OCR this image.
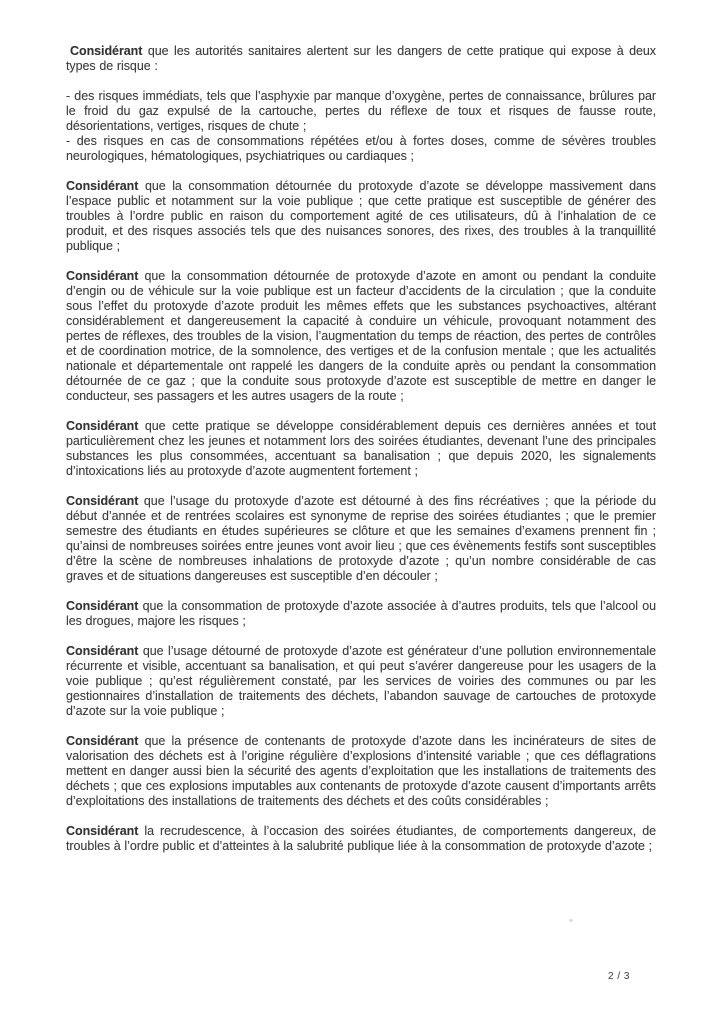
Considérant que les autorités sanitaires alertent sur les dangers de cette pratique qui expose à deux types de risque :

- des risques immédiats, tels que l’asphyxie par manque d’oxygène, pertes de connaissance, brûlures par le froid du gaz expulsé de la cartouche, pertes du réflexe de toux et risques de fausse route, désorientations, vertiges, risques de chute ;
- des risques en cas de consommations répétées et/ou à fortes doses, comme de sévères troubles neurologiques, hématologiques, psychiatriques ou cardiaques ;

Considérant que la consommation détournée du protoxyde d’azote se développe massivement dans l’espace public et notamment sur la voie publique ; que cette pratique est susceptible de générer des troubles à l’ordre public en raison du comportement agité de ces utilisateurs, dû à l’inhalation de ce produit, et des risques associés tels que des nuisances sonores, des rixes, des troubles à la tranquillité publique ;

Considérant que la consommation détournée de protoxyde d’azote en amont ou pendant la conduite d’engin ou de véhicule sur la voie publique est un facteur d’accidents de la circulation ; que la conduite sous l’effet du protoxyde d’azote produit les mêmes effets que les substances psychoactives, altérant considérablement et dangereusement la capacité à conduire un véhicule, provoquant notamment des pertes de réflexes, des troubles de la vision, l’augmentation du temps de réaction, des pertes de contrôles et de coordination motrice, de la somnolence, des vertiges et de la confusion mentale ; que les actualités nationale et départementale ont rappelé les dangers de la conduite après ou pendant la consommation détournée de ce gaz ; que la conduite sous protoxyde d’azote est susceptible de mettre en danger le conducteur, ses passagers et les autres usagers de la route ;

Considérant que cette pratique se développe considérablement depuis ces dernières années et tout particulièrement chez les jeunes et notamment lors des soirées étudiantes, devenant l’une des principales substances les plus consommées, accentuant sa banalisation ; que depuis 2020, les signalements d’intoxications liés au protoxyde d’azote augmentent fortement ;

Considérant que l’usage du protoxyde d’azote est détourné à des fins récréatives ; que la période du début d’année et de rentrées scolaires est synonyme de reprise des soirées étudiantes ; que le premier semestre des étudiants en études supérieures se clôture et que les semaines d’examens prennent fin ; qu’ainsi de nombreuses soirées entre jeunes vont avoir lieu ; que ces évènements festifs sont susceptibles d’être la scène de nombreuses inhalations de protoxyde d’azote ; qu’un nombre considérable de cas graves et de situations dangereuses est susceptible d’en découler ;

Considérant que la consommation de protoxyde d’azote associée à d’autres produits, tels que l’alcool ou les drogues, majore les risques ;

Considérant que l’usage détourné de protoxyde d’azote est générateur d’une pollution environnementale récurrente et visible, accentuant sa banalisation, et qui peut s’avérer dangereuse pour les usagers de la voie publique ; qu’est régulièrement constaté, par les services de voiries des communes ou par les gestionnaires d’installation de traitements des déchets, l’abandon sauvage de cartouches de protoxyde d’azote sur la voie publique ;

Considérant que la présence de contenants de protoxyde d’azote dans les incinérateurs de sites de valorisation des déchets est à l’origine régulière d’explosions d’intensité variable ; que ces déflagrations mettent en danger aussi bien la sécurité des agents d’exploitation que les installations de traitements des déchets ; que ces explosions imputables aux contenants de protoxyde d’azote causent d’importants arrêts d’exploitations des installations de traitements des déchets et des coûts considérables ;

Considérant la recrudescence, à l’occasion des soirées étudiantes, de comportements dangereux, de troubles à l’ordre public et d’atteintes à la salubrité publique liée à la consommation de protoxyde d’azote ;

2 / 3
